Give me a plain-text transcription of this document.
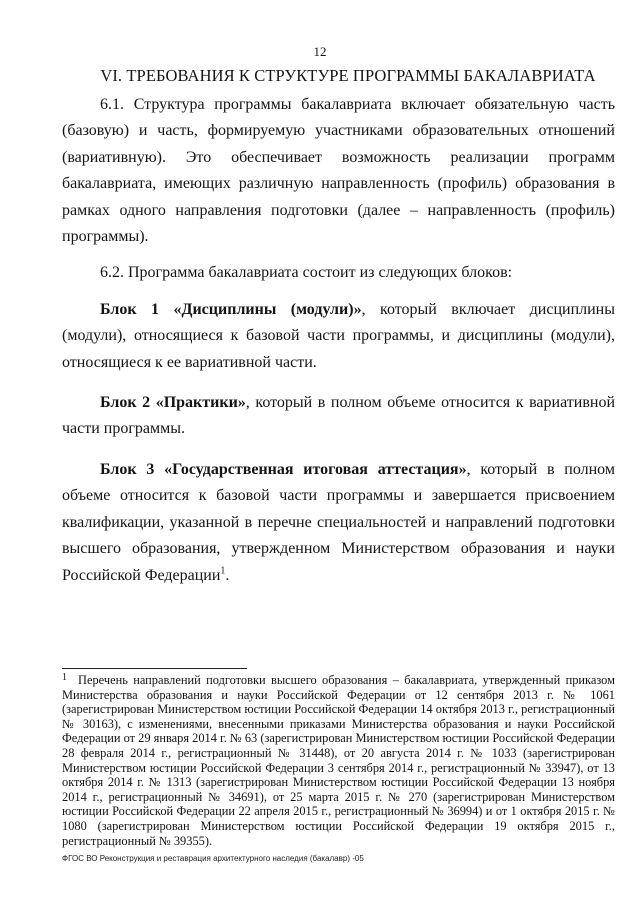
12
VI. ТРЕБОВАНИЯ К СТРУКТУРЕ ПРОГРАММЫ БАКАЛАВРИАТА

6.1. Структура программы бакалавриата включает обязательную часть (базовую) и часть, формируемую участниками образовательных отношений (вариативную). Это обеспечивает возможность реализации программ бакалавриата, имеющих различную направленность (профиль) образования в рамках одного направления подготовки (далее – направленность (профиль) программы).

6.2. Программа бакалавриата состоит из следующих блоков:

Блок 1 «Дисциплины (модули)», который включает дисциплины (модули), относящиеся к базовой части программы, и дисциплины (модули), относящиеся к ее вариативной части.

Блок 2 «Практики», который в полном объеме относится к вариативной части программы.

Блок 3 «Государственная итоговая аттестация», который в полном объеме относится к базовой части программы и завершается присвоением квалификации, указанной в перечне специальностей и направлений подготовки высшего образования, утвержденном Министерством образования и науки Российской Федерации$^1$.

1 Перечень направлений подготовки высшего образования – бакалавриата, утвержденный приказом Министерства образования и науки Российской Федерации от 12 сентября 2013 г. № 1061 (зарегистрирован Министерством юстиции Российской Федерации 14 октября 2013 г., регистрационный № 30163), с изменениями, внесенными приказами Министерства образования и науки Российской Федерации от 29 января 2014 г. № 63 (зарегистрирован Министерством юстиции Российской Федерации 28 февраля 2014 г., регистрационный № 31448), от 20 августа 2014 г. № 1033 (зарегистрирован Министерством юстиции Российской Федерации 3 сентября 2014 г., регистрационный № 33947), от 13 октября 2014 г. № 1313 (зарегистрирован Министерством юстиции Российской Федерации 13 ноября 2014 г., регистрационный № 34691), от 25 марта 2015 г. № 270 (зарегистрирован Министерством юстиции Российской Федерации 22 апреля 2015 г., регистрационный № 36994) и от 1 октября 2015 г. № 1080 (зарегистрирован Министерством юстиции Российской Федерации 19 октября 2015 г., регистрационный № 39355).
ФГОС ВО Реконструкция и реставрация архитектурного наследия (бакалавр) -05
